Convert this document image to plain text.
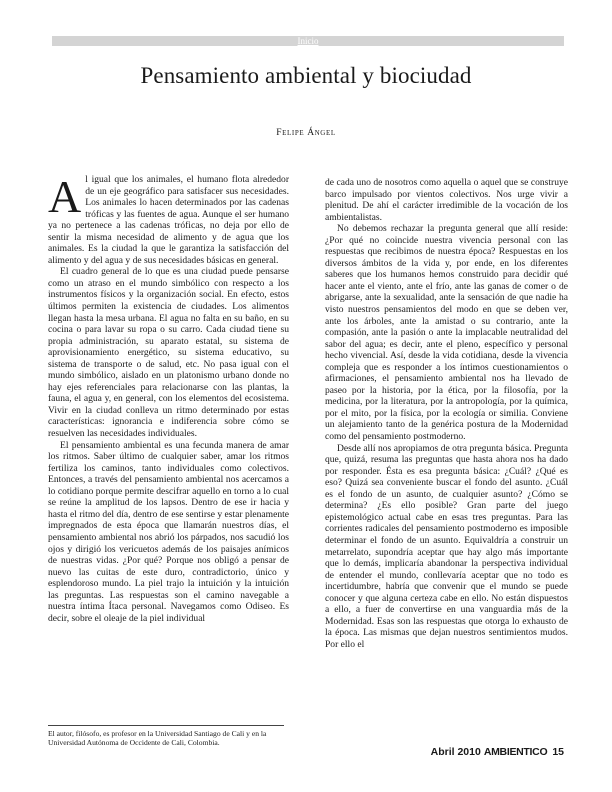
Inicio
Pensamiento ambiental y biociudad
Felipe Ángel

Al igual que los animales, el humano flota alrededor de un eje geográfico para satisfacer sus necesidades. Los animales lo hacen determinados por las cadenas tróficas y las fuentes de agua. Aunque el ser humano ya no pertenece a las cadenas tróficas, no deja por ello de sentir la misma necesidad de alimento y de agua que los animales. Es la ciudad la que le garantiza la satisfacción del alimento y del agua y de sus necesidades básicas en general.

El cuadro general de lo que es una ciudad puede pensarse como un atraso en el mundo simbólico con respecto a los instrumentos físicos y la organización social. En efecto, estos últimos permiten la existencia de ciudades. Los alimentos llegan hasta la mesa urbana. El agua no falta en su baño, en su cocina o para lavar su ropa o su carro. Cada ciudad tiene su propia administración, su aparato estatal, su sistema de aprovisionamiento energético, su sistema educativo, su sistema de transporte o de salud, etc. No pasa igual con el mundo simbólico, aislado en un platonismo urbano donde no hay ejes referenciales para relacionarse con las plantas, la fauna, el agua y, en general, con los elementos del ecosistema. Vivir en la ciudad conlleva un ritmo determinado por estas características: ignorancia e indiferencia sobre cómo se resuelven las necesidades individuales.

El pensamiento ambiental es una fecunda manera de amar los ritmos. Saber último de cualquier saber, amar los ritmos fertiliza los caminos, tanto individuales como colectivos. Entonces, a través del pensamiento ambiental nos acercamos a lo cotidiano porque permite descifrar aquello en torno a lo cual se reúne la amplitud de los lapsos. Dentro de ese ir hacia y hasta el ritmo del día, dentro de ese sentirse y estar plenamente impregnados de esta época que llamarán nuestros días, el pensamiento ambiental nos abrió los párpados, nos sacudió los ojos y dirigió los vericuetos además de los paisajes anímicos de nuestras vidas. ¿Por qué? Porque nos obligó a pensar de nuevo las cuitas de este duro, contradictorio, único y esplendoroso mundo. La piel trajo la intuición y la intuición las preguntas. Las respuestas son el camino navegable a nuestra íntima Ítaca personal. Navegamos como Odiseo. Es decir, sobre el oleaje de la piel individual

de cada uno de nosotros como aquella o aquel que se construye barco impulsado por vientos colectivos. Nos urge vivir a plenitud. De ahí el carácter irredimible de la vocación de los ambientalistas.

No debemos rechazar la pregunta general que allí reside: ¿Por qué no coincide nuestra vivencia personal con las respuestas que recibimos de nuestra época? Respuestas en los diversos ámbitos de la vida y, por ende, en los diferentes saberes que los humanos hemos construido para decidir qué hacer ante el viento, ante el frío, ante las ganas de comer o de abrigarse, ante la sexualidad, ante la sensación de que nadie ha visto nuestros pensamientos del modo en que se deben ver, ante los árboles, ante la amistad o su contrario, ante la compasión, ante la pasión o ante la implacable neutralidad del sabor del agua; es decir, ante el pleno, específico y personal hecho vivencial. Así, desde la vida cotidiana, desde la vivencia compleja que es responder a los íntimos cuestionamientos o afirmaciones, el pensamiento ambiental nos ha llevado de paseo por la historia, por la ética, por la filosofía, por la medicina, por la literatura, por la antropología, por la química, por el mito, por la física, por la ecología or similia. Conviene un alejamiento tanto de la genérica postura de la Modernidad como del pensamiento postmoderno.

Desde allí nos apropiamos de otra pregunta básica. Pregunta que, quizá, resuma las preguntas que hasta ahora nos ha dado por responder. Ésta es esa pregunta básica: ¿Cuál? ¿Qué es eso? Quizá sea conveniente buscar el fondo del asunto. ¿Cuál es el fondo de un asunto, de cualquier asunto? ¿Cómo se determina? ¿Es ello posible? Gran parte del juego epistemológico actual cabe en esas tres preguntas. Para las corrientes radicales del pensamiento postmoderno es imposible determinar el fondo de un asunto. Equivaldría a construir un metarrelato, supondría aceptar que hay algo más importante que lo demás, implicaría abandonar la perspectiva individual de entender el mundo, conllevaría aceptar que no todo es incertidumbre, habría que convenir que el mundo se puede conocer y que alguna certeza cabe en ello. No están dispuestos a ello, a fuer de convertirse en una vanguardia más de la Modernidad. Esas son las respuestas que otorga lo exhausto de la época. Las mismas que dejan nuestros sentimientos mudos. Por ello el

El autor, filósofo, es profesor en la Universidad Santiago de Cali y en la Universidad Autónoma de Occidente de Cali, Colombia.
Abril 2010 AMBIENTICO 15
